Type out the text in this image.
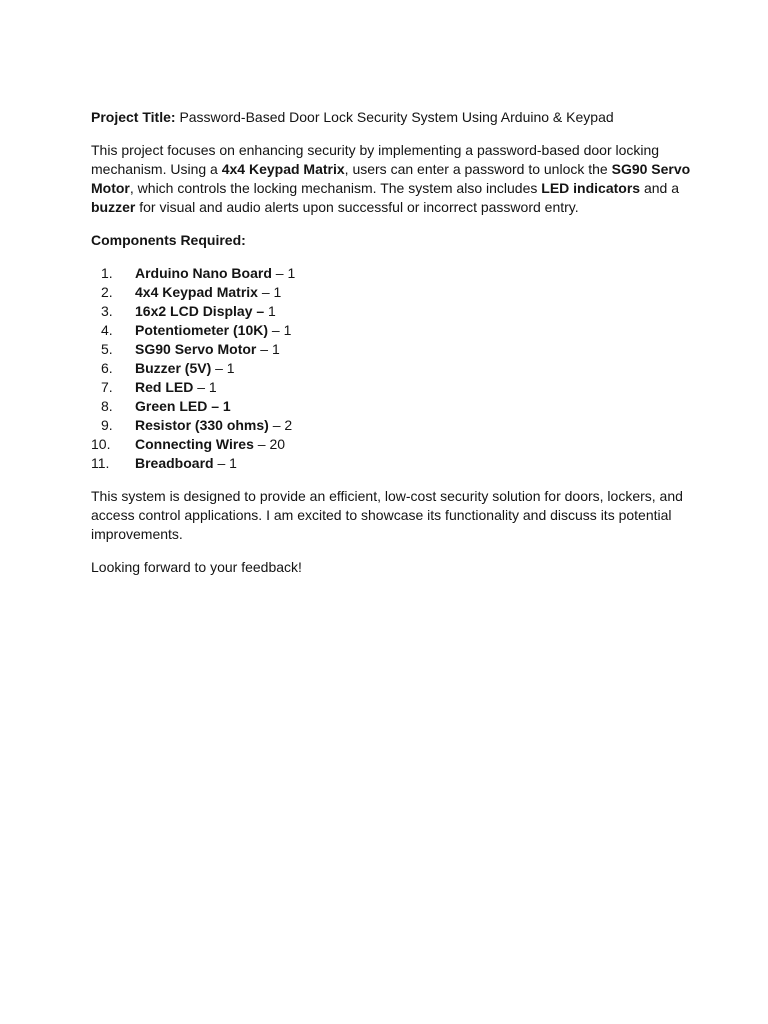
Project Title: Password-Based Door Lock Security System Using Arduino & Keypad

This project focuses on enhancing security by implementing a password-based door locking mechanism. Using a 4x4 Keypad Matrix, users can enter a password to unlock the SG90 Servo Motor, which controls the locking mechanism. The system also includes LED indicators and a buzzer for visual and audio alerts upon successful or incorrect password entry.

Components Required:

1.	Arduino Nano Board – 1
2.	4x4 Keypad Matrix – 1
3.	16x2 LCD Display – 1
4.	Potentiometer (10K) – 1
5.	SG90 Servo Motor – 1
6.	Buzzer (5V) – 1
7.	Red LED – 1
8.	Green LED – 1
9.	Resistor (330 ohms) – 2
10.	Connecting Wires – 20
11.	Breadboard – 1

This system is designed to provide an efficient, low-cost security solution for doors, lockers, and access control applications. I am excited to showcase its functionality and discuss its potential improvements.

Looking forward to your feedback!
